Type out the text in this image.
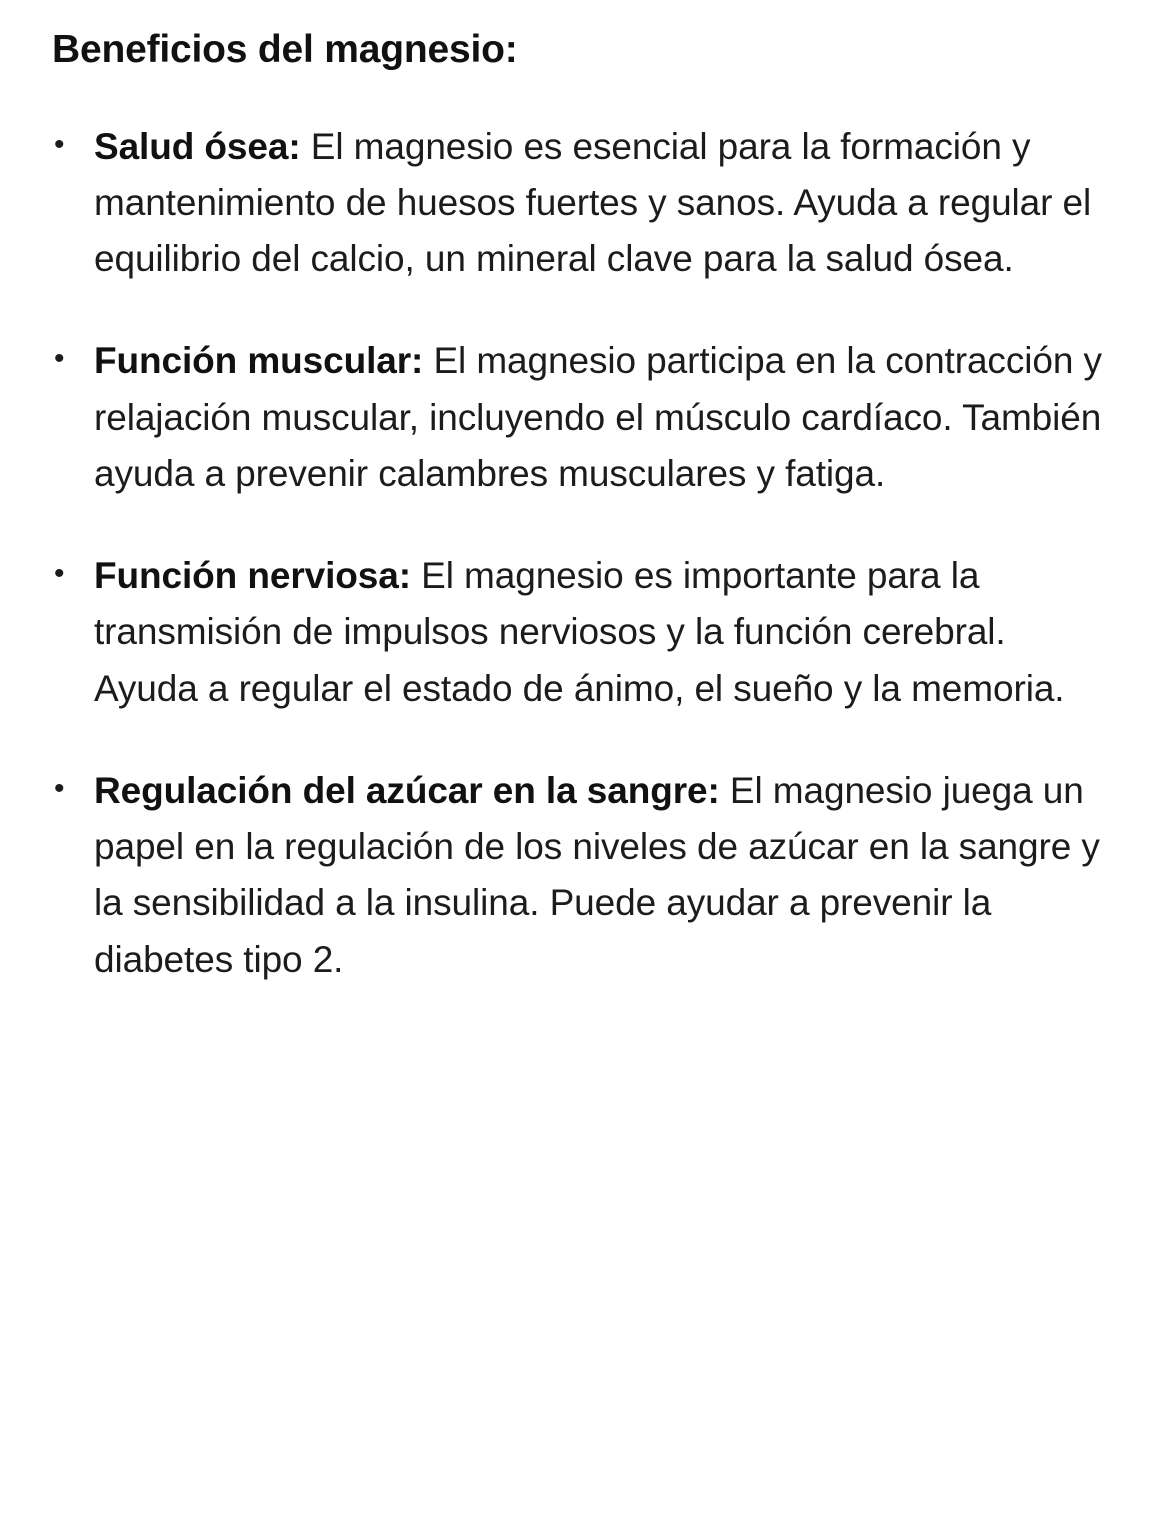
Beneficios del magnesio:
• Salud ósea: El magnesio es esencial para la formación y mantenimiento de huesos fuertes y sanos. Ayuda a regular el equilibrio del calcio, un mineral clave para la salud ósea.
• Función muscular: El magnesio participa en la contracción y relajación muscular, incluyendo el músculo cardíaco. También ayuda a prevenir calambres musculares y fatiga.
• Función nerviosa: El magnesio es importante para la transmisión de impulsos nerviosos y la función cerebral. Ayuda a regular el estado de ánimo, el sueño y la memoria.
• Regulación del azúcar en la sangre: El magnesio juega un papel en la regulación de los niveles de azúcar en la sangre y la sensibilidad a la insulina. Puede ayudar a prevenir la diabetes tipo 2.
